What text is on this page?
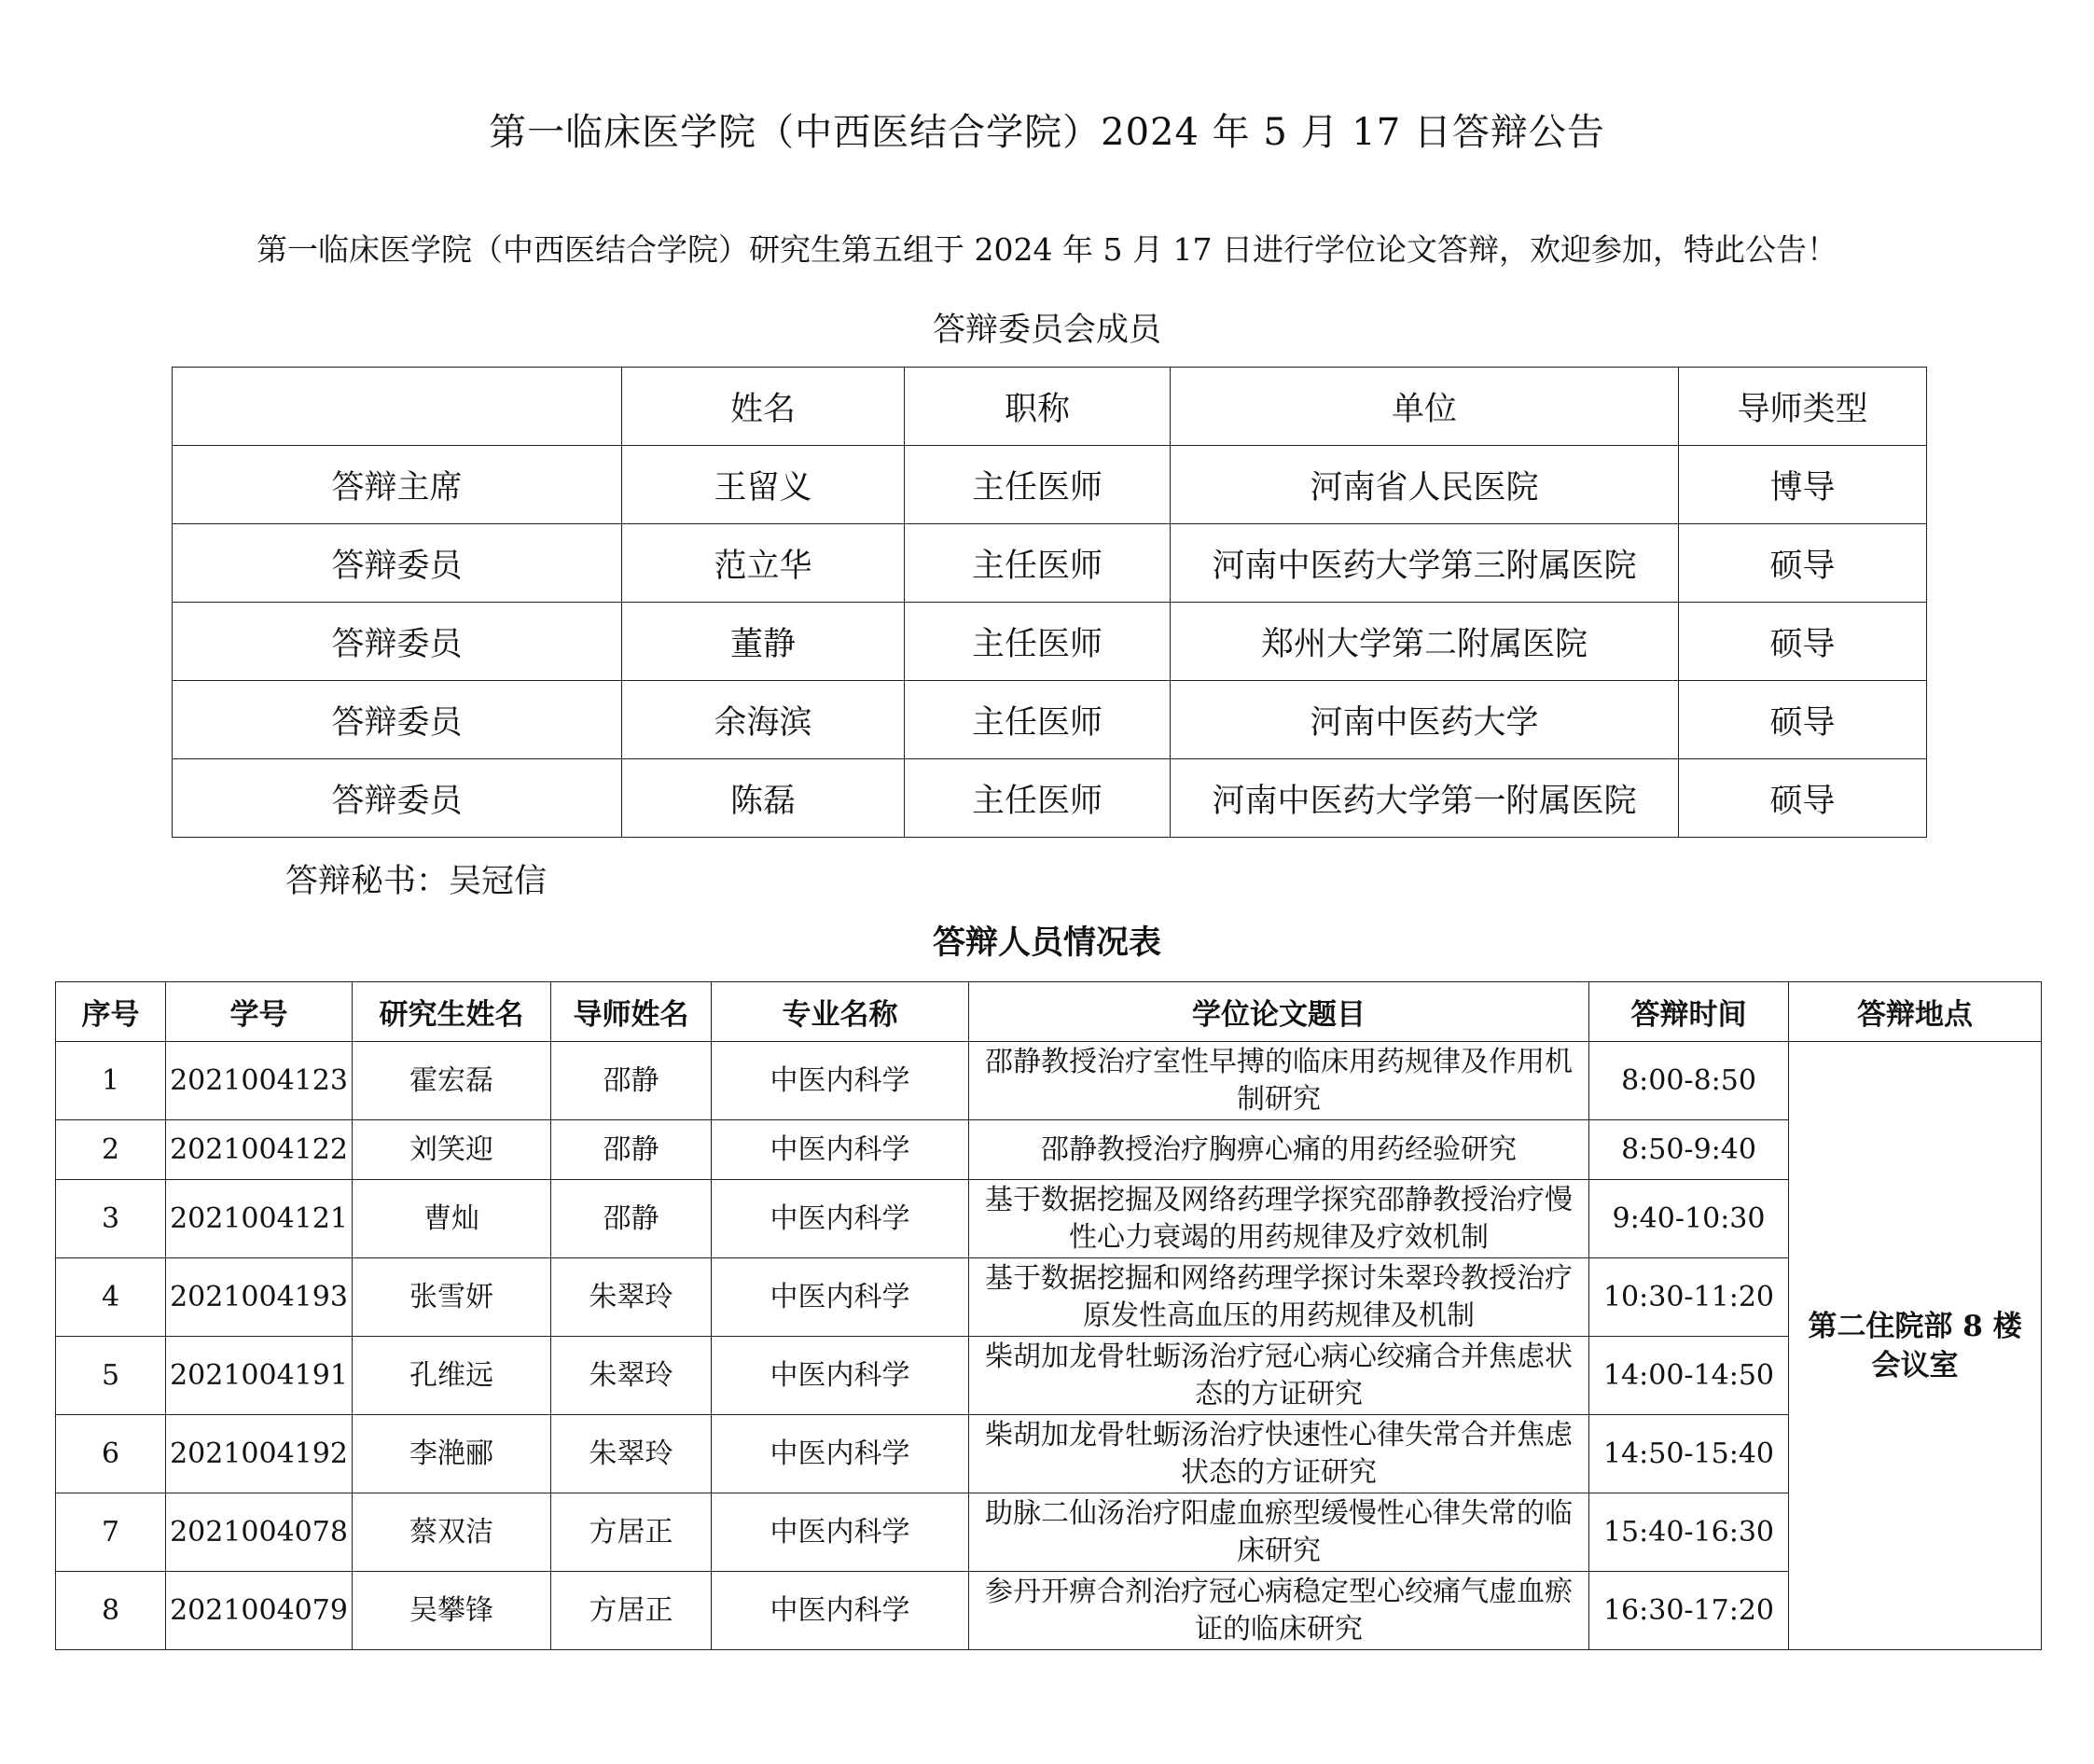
第一临床医学院（中西医结合学院）2024 年 5 月 17 日答辩公告
第一临床医学院（中西医结合学院）研究生第五组于 2024 年 5 月 17 日进行学位论文答辩，欢迎参加，特此公告！
答辩委员会成员
	姓名	职称	单位	导师类型
答辩主席	王留义	主任医师	河南省人民医院	博导
答辩委员	范立华	主任医师	河南中医药大学第三附属医院	硕导
答辩委员	董静	主任医师	郑州大学第二附属医院	硕导
答辩委员	余海滨	主任医师	河南中医药大学	硕导
答辩委员	陈磊	主任医师	河南中医药大学第一附属医院	硕导
答辩秘书：吴冠信
答辩人员情况表
序号	学号	研究生姓名	导师姓名	专业名称	学位论文题目	答辩时间	答辩地点
1	2021004123	霍宏磊	邵静	中医内科学	邵静教授治疗室性早搏的临床用药规律及作用机制研究	8:00-8:50	第二住院部 8 楼会议室
2	2021004122	刘笑迎	邵静	中医内科学	邵静教授治疗胸痹心痛的用药经验研究	8:50-9:40	
3	2021004121	曹灿	邵静	中医内科学	基于数据挖掘及网络药理学探究邵静教授治疗慢性心力衰竭的用药规律及疗效机制	9:40-10:30	
4	2021004193	张雪妍	朱翠玲	中医内科学	基于数据挖掘和网络药理学探讨朱翠玲教授治疗原发性高血压的用药规律及机制	10:30-11:20	
5	2021004191	孔维远	朱翠玲	中医内科学	柴胡加龙骨牡蛎汤治疗冠心病心绞痛合并焦虑状态的方证研究	14:00-14:50	
6	2021004192	李滟郦	朱翠玲	中医内科学	柴胡加龙骨牡蛎汤治疗快速性心律失常合并焦虑状态的方证研究	14:50-15:40	
7	2021004078	蔡双洁	方居正	中医内科学	助脉二仙汤治疗阳虚血瘀型缓慢性心律失常的临床研究	15:40-16:30	
8	2021004079	吴攀锋	方居正	中医内科学	参丹开痹合剂治疗冠心病稳定型心绞痛气虚血瘀证的临床研究	16:30-17:20	
